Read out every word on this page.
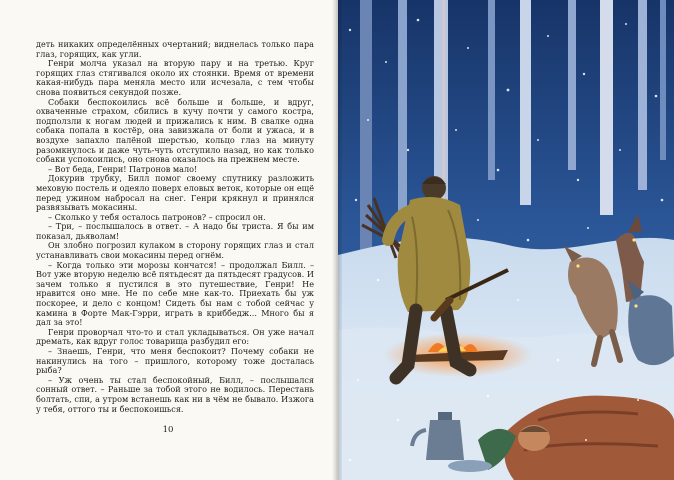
деть никаких определённых очертаний; виднелась только пара глаз, горящих, как угли.

Генри молча указал на вторую пару и на третью. Круг горящих глаз стягивался около их стоянки. Время от времени какая-нибудь пара меняла место или исчезала, с тем чтобы снова появиться секундой позже.

Собаки беспокоились всё больше и больше, и вдруг, охваченные страхом, сбились в кучу почти у самого костра, подползли к ногам людей и прижались к ним. В свалке одна собака попала в костёр, она завизжала от боли и ужаса, и в воздухе запахло палёной шерстью, кольцо глаз на минуту разомкнулось и даже чуть-чуть отступило назад, но как только собаки успокоились, оно снова оказалось на прежнем месте.

– Вот беда, Генри! Патронов мало!

Докурив трубку, Билл помог своему спутнику разложить меховую постель и одеяло поверх еловых веток, которые он ещё перед ужином набросал на снег. Генри крякнул и принялся развязывать мокасины.

– Сколько у тебя осталось патронов? – спросил он.

– Три, – послышалось в ответ. – А надо бы триста. Я бы им показал, дьяволам!

Он злобно погрозил кулаком в сторону горящих глаз и стал устанавливать свои мокасины перед огнём.

– Когда только эти морозы кончатся! – продолжал Билл. – Вот уже вторую неделю всё пятьдесят да пятьдесят градусов. И зачем только я пустился в это путешествие, Генри! Не нравится оно мне. Не по себе мне как-то. Приехать бы уж поскорее, и дело с концом! Сидеть бы нам с тобой сейчас у камина в Форте Мак-Гэрри, играть в криббедж... Много бы я дал за это!

Генри проворчал что-то и стал укладываться. Он уже начал дремать, как вдруг голос товарища разбудил его:

– Знаешь, Генри, что меня беспокоит? Почему собаки не накинулись на того – пришлого, которому тоже досталась рыба?

– Уж очень ты стал беспокойный, Билл, – послышался сонный ответ. – Раньше за тобой этого не водилось. Перестань болтать, спи, а утром встанешь как ни в чём не бывало. Изжога у тебя, оттого ты и беспокоишься.

10
